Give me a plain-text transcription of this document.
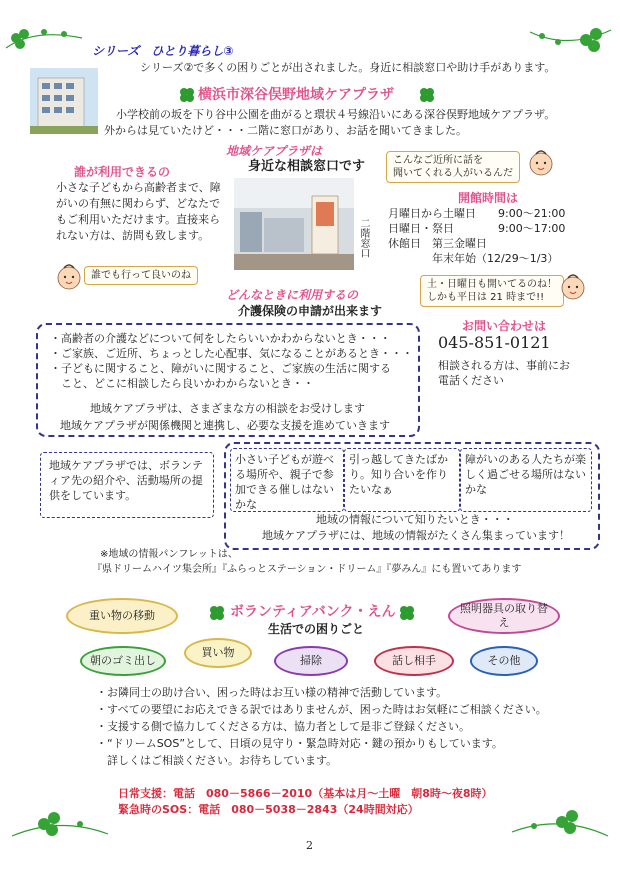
シリーズ　ひとり暮らし③
シリーズ②で多くの困りごとが出されました。身近に相談窓口や助け手があります。
横浜市深谷俣野地域ケアプラザ
小学校前の坂を下り谷中公園を曲がると環状４号線沿いにある深谷俣野地域ケアプラザ。
外からは見ていたけど・・・二階に窓口があり、お話を聞いてきました。
地域ケアプラザは
身近な相談窓口です
二階窓口
誰が利用できるの
小さな子どもから高齢者まで、障がいの有無に関わらず、どなたでもご利用いただけます。直接来られない方は、訪問も致します。
誰でも行って良いのね
こんなご近所に話を
聞いてくれる人がいるんだ
開館時間は
月曜日から土曜日	9:00～21:00
日曜日・祭日	9:00～17:00
休館日　第三金曜日
　　　　年末年始（12/29～1/3）
土・日曜日も開いてるのね！
しかも平日は 21 時まで!!
どんなときに利用するの
介護保険の申請が出来ます
・高齢者の介護などについて何をしたらいいかわからないとき・・・
・ご家族、ご近所、ちょっとした心配事、気になることがあるとき・・・
・子どもに関すること、障がいに関すること、ご家族の生活に関する
　こと、どこに相談したら良いかわからないとき・・
地域ケアプラザは、さまざまな方の相談をお受けします
地域ケアプラザが関係機関と連携し、必要な支援を進めていきます
お問い合わせは
045-851-0121
相談される方は、事前にお電話ください
地域ケアプラザでは、ボランティア先の紹介や、活動場所の提供をしています。
小さい子どもが遊べる場所や、親子で参加できる催しはないかな
引っ越してきたばかり。知り合いを作りたいなぁ
障がいのある人たちが楽しく過ごせる場所はないかな
地域の情報について知りたいとき・・・
地域ケアプラザには、地域の情報がたくさん集まっています！
※地域の情報パンフレットは、
『県ドリームハイツ集会所』『ふらっとステーション・ドリーム』『夢みん』にも置いてあります
ボランティアバンク・えん
生活での困りごと
重い物の移動
照明器具の取り替え
買い物
朝のゴミ出し	掃除	話し相手	その他
・お隣同士の助け合い、困った時はお互い様の精神で活動しています。
・すべての要望にお応えできる訳ではありませんが、困った時はお気軽にご相談ください。
・支援する側で協力してくださる方は、協力者として是非ご登録ください。
・“ドリームSOS”として、日頃の見守り・緊急時対応・鍵の預かりもしています。
　詳しくはご相談ください。お待ちしています。
日常支援：電話　080－5866－2010（基本は月～土曜　朝8時～夜8時）
緊急時のSOS：電話　080－5038－2843（24時間対応）
2
